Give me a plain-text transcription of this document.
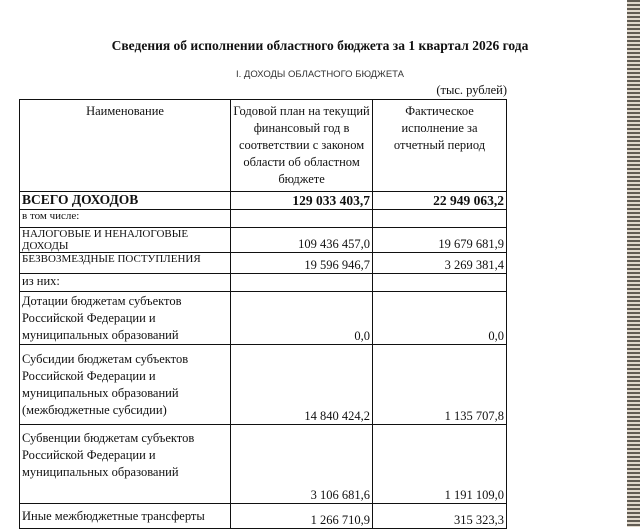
Сведения об исполнении областного бюджета за 1 квартал 2026 года
I. ДОХОДЫ ОБЛАСТНОГО БЮДЖЕТА
(тыс. рублей)
Наименование	Годовой план на текущий финансовый год в соответствии с законом области об областном бюджете	Фактическое исполнение за отчетный период
ВСЕГО ДОХОДОВ	129 033 403,7	22 949 063,2
в том числе:		
НАЛОГОВЫЕ И НЕНАЛОГОВЫЕ ДОХОДЫ	109 436 457,0	19 679 681,9
БЕЗВОЗМЕЗДНЫЕ ПОСТУПЛЕНИЯ	19 596 946,7	3 269 381,4
из них:		
Дотации бюджетам субъектов Российской Федерации и муниципальных образований	0,0	0,0
Субсидии бюджетам субъектов Российской Федерации и муниципальных образований (межбюджетные субсидии)	14 840 424,2	1 135 707,8
Субвенции бюджетам субъектов Российской Федерации и муниципальных образований	3 106 681,6	1 191 109,0
Иные межбюджетные трансферты	1 266 710,9	315 323,3
